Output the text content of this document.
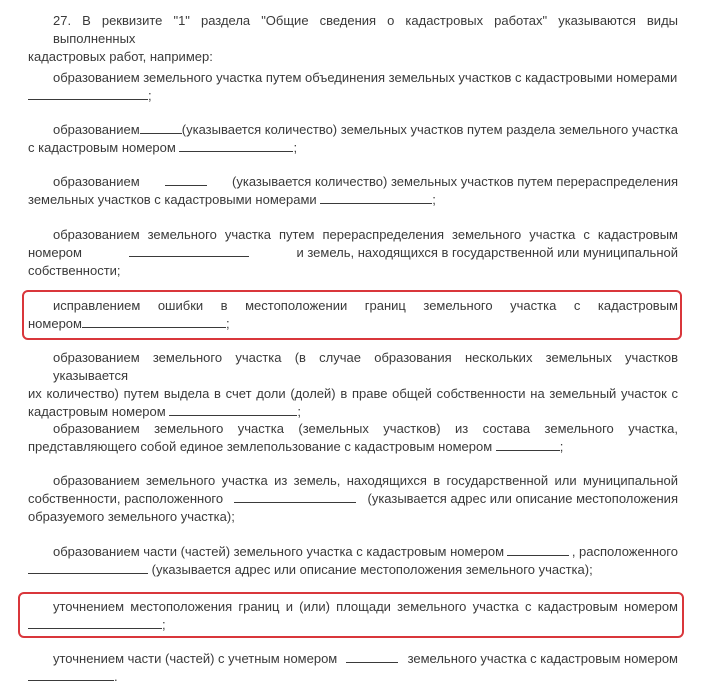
27. В реквизите "1" раздела "Общие сведения о кадастровых работах" указываются виды выполненных
кадастровых работ, например:

образованием земельного участка путем объединения земельных участков с кадастровыми номерами
;

образованием	(указывается количество) земельных участков путем раздела земельного участка
с кадастровым номером	;

образованием	(указывается количество) земельных участков путем перераспределения
земельных участков с кадастровыми номерами	;

образованием земельного участка путем перераспределения земельного участка с кадастровым
номером	и земель, находящихся в государственной или муниципальной
собственности;

исправлением ошибки в местоположении границ земельного участка с кадастровым
номером	;

образованием земельного участка (в случае образования нескольких земельных участков указывается
их количество) путем выдела в счет доли (долей) в праве общей собственности на земельный участок с
кадастровым номером	;

образованием земельного участка (земельных участков) из состава земельного участка,
представляющего собой единое землепользование с кадастровым номером	;

образованием земельного участка из земель, находящихся в государственной или муниципальной
собственности, расположенного	(указывается адрес или описание местоположения
образуемого земельного участка);

образованием части (частей) земельного участка с кадастровым номером	, расположенного
(указывается адрес или описание местоположения земельного участка);

уточнением местоположения границ и (или) площади земельного участка с кадастровым номером
;

уточнением части (частей) с учетным номером	земельного участка с кадастровым номером
.
